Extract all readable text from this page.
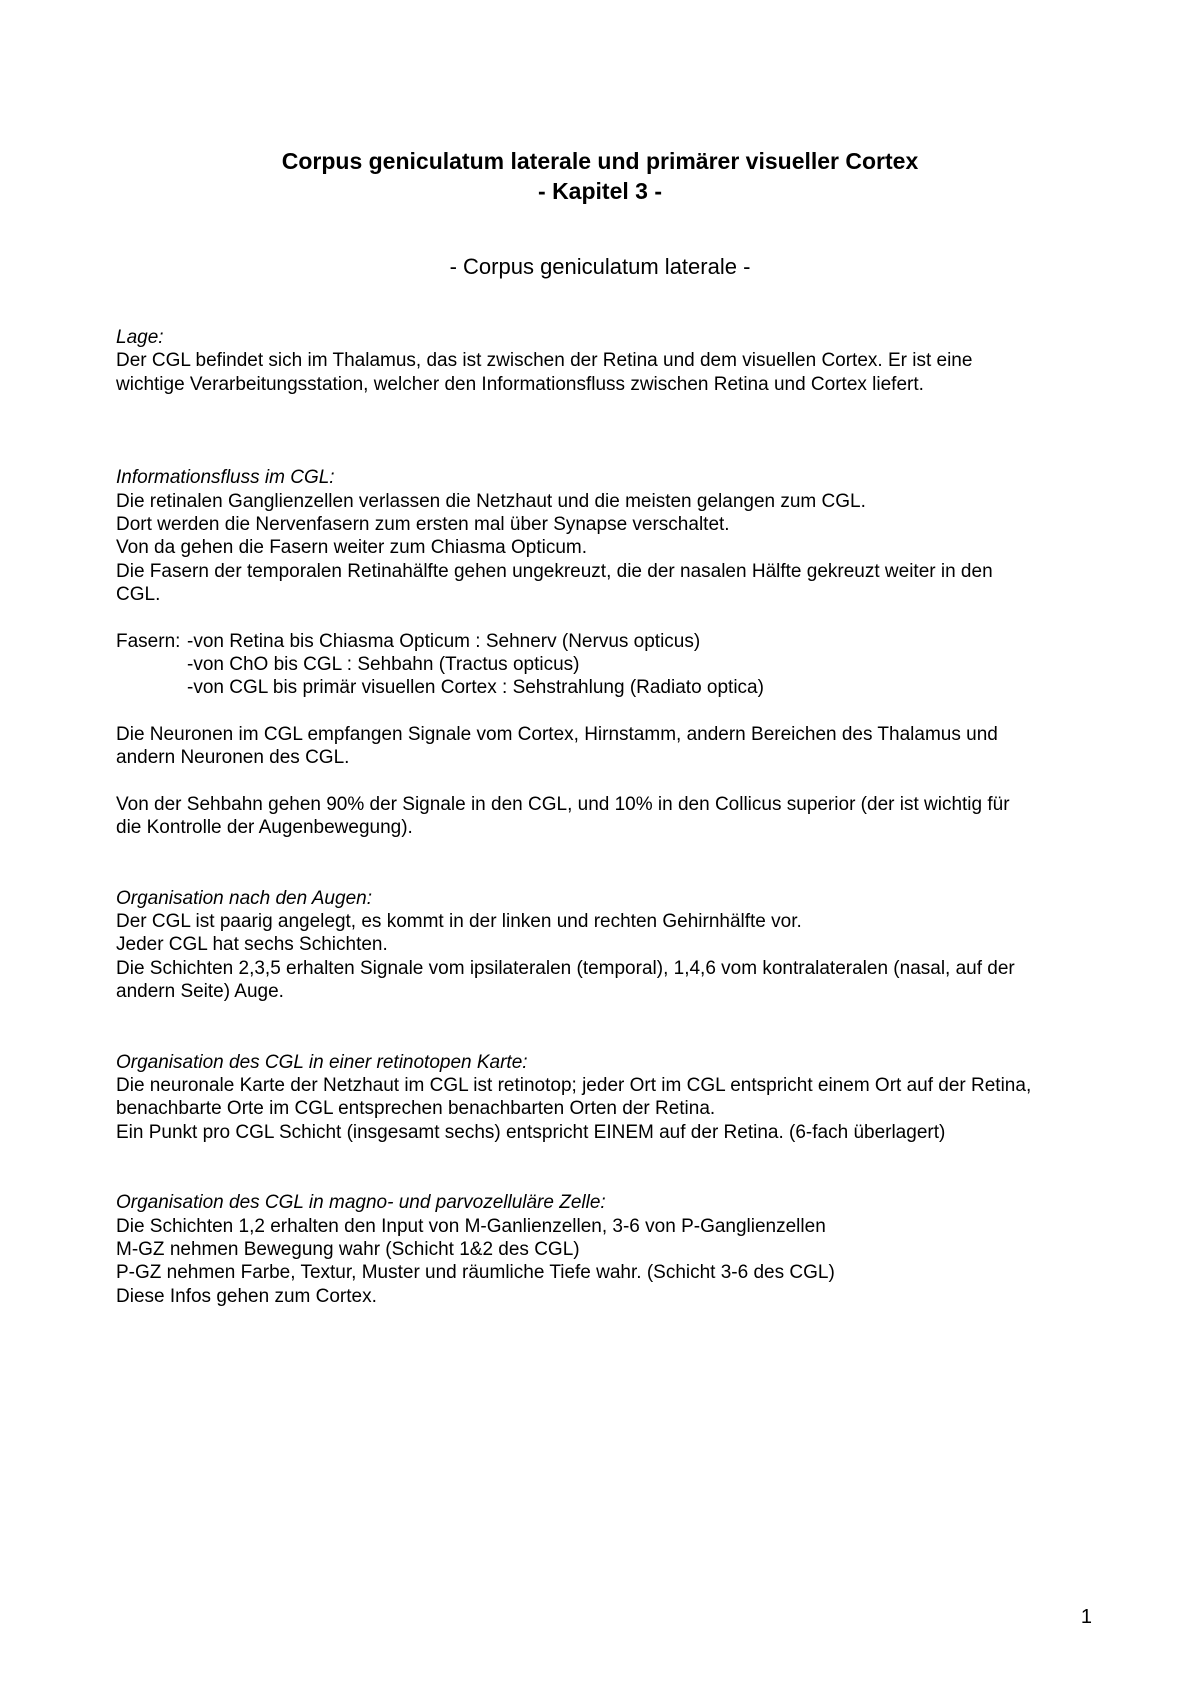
Corpus geniculatum laterale und primärer visueller Cortex

- Kapitel 3 -

- Corpus geniculatum laterale -

Lage:

Der CGL befindet sich im Thalamus, das ist zwischen der Retina und dem visuellen Cortex. Er ist eine

wichtige Verarbeitungsstation, welcher den Informationsfluss zwischen Retina und Cortex liefert.

Informationsfluss im CGL:

Die retinalen Ganglienzellen verlassen die Netzhaut und die meisten gelangen zum CGL.

Dort werden die Nervenfasern zum ersten mal über Synapse verschaltet.

Von da gehen die Fasern weiter zum Chiasma Opticum.

Die Fasern der temporalen Retinahälfte gehen ungekreuzt, die der nasalen Hälfte gekreuzt weiter in den

CGL.

Fasern: -von Retina bis Chiasma Opticum : Sehnerv (Nervus opticus)

-von ChO bis CGL : Sehbahn (Tractus opticus)

-von CGL bis primär visuellen Cortex : Sehstrahlung (Radiato optica)

Die Neuronen im CGL empfangen Signale vom Cortex, Hirnstamm, andern Bereichen des Thalamus und

andern Neuronen des CGL.

Von der Sehbahn gehen 90% der Signale in den CGL, und 10% in den Collicus superior (der ist wichtig für

die Kontrolle der Augenbewegung).

Organisation nach den Augen:

Der CGL ist paarig angelegt, es kommt in der linken und rechten Gehirnhälfte vor.

Jeder CGL hat sechs Schichten.

Die Schichten 2,3,5 erhalten Signale vom ipsilateralen (temporal), 1,4,6 vom kontralateralen (nasal, auf der

andern Seite) Auge.

Organisation des CGL in einer retinotopen Karte:

Die neuronale Karte der Netzhaut im CGL ist retinotop; jeder Ort im CGL entspricht einem Ort auf der Retina,

benachbarte Orte im CGL entsprechen benachbarten Orten der Retina.

Ein Punkt pro CGL Schicht (insgesamt sechs) entspricht EINEM auf der Retina. (6-fach überlagert)

Organisation des CGL in magno- und parvozelluläre Zelle:

Die Schichten 1,2 erhalten den Input von M-Ganlienzellen, 3-6 von P-Ganglienzellen

M-GZ nehmen Bewegung wahr (Schicht 1&2 des CGL)

P-GZ nehmen Farbe, Textur, Muster und räumliche Tiefe wahr. (Schicht 3-6 des CGL)

Diese Infos gehen zum Cortex.

1
